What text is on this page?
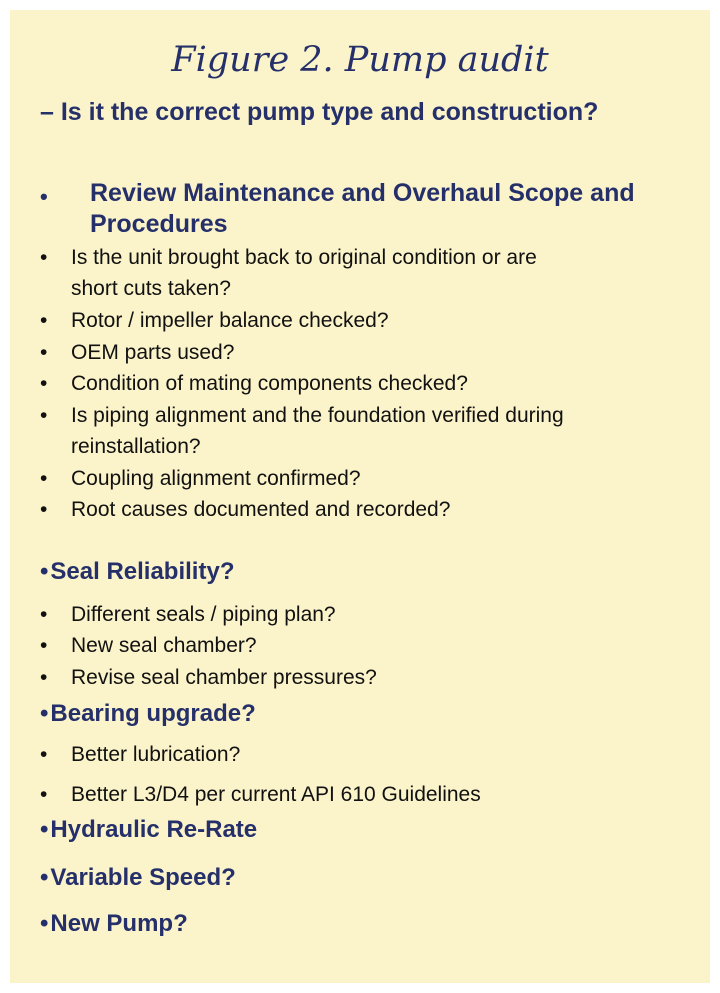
Figure 2. Pump audit

– Is it the correct pump type and construction?

• Review Maintenance and Overhaul Scope and Procedures
• Is the unit brought back to original condition or are
short cuts taken?
• Rotor / impeller balance checked?
• OEM parts used?
• Condition of mating components checked?
• Is piping alignment and the foundation verified during
reinstallation?
• Coupling alignment confirmed?
• Root causes documented and recorded?
•Seal Reliability?
• Different seals / piping plan?
• New seal chamber?
• Revise seal chamber pressures?
•Bearing upgrade?
• Better lubrication?
• Better L3/D4 per current API 610 Guidelines
•Hydraulic Re-Rate
•Variable Speed?
•New Pump?
